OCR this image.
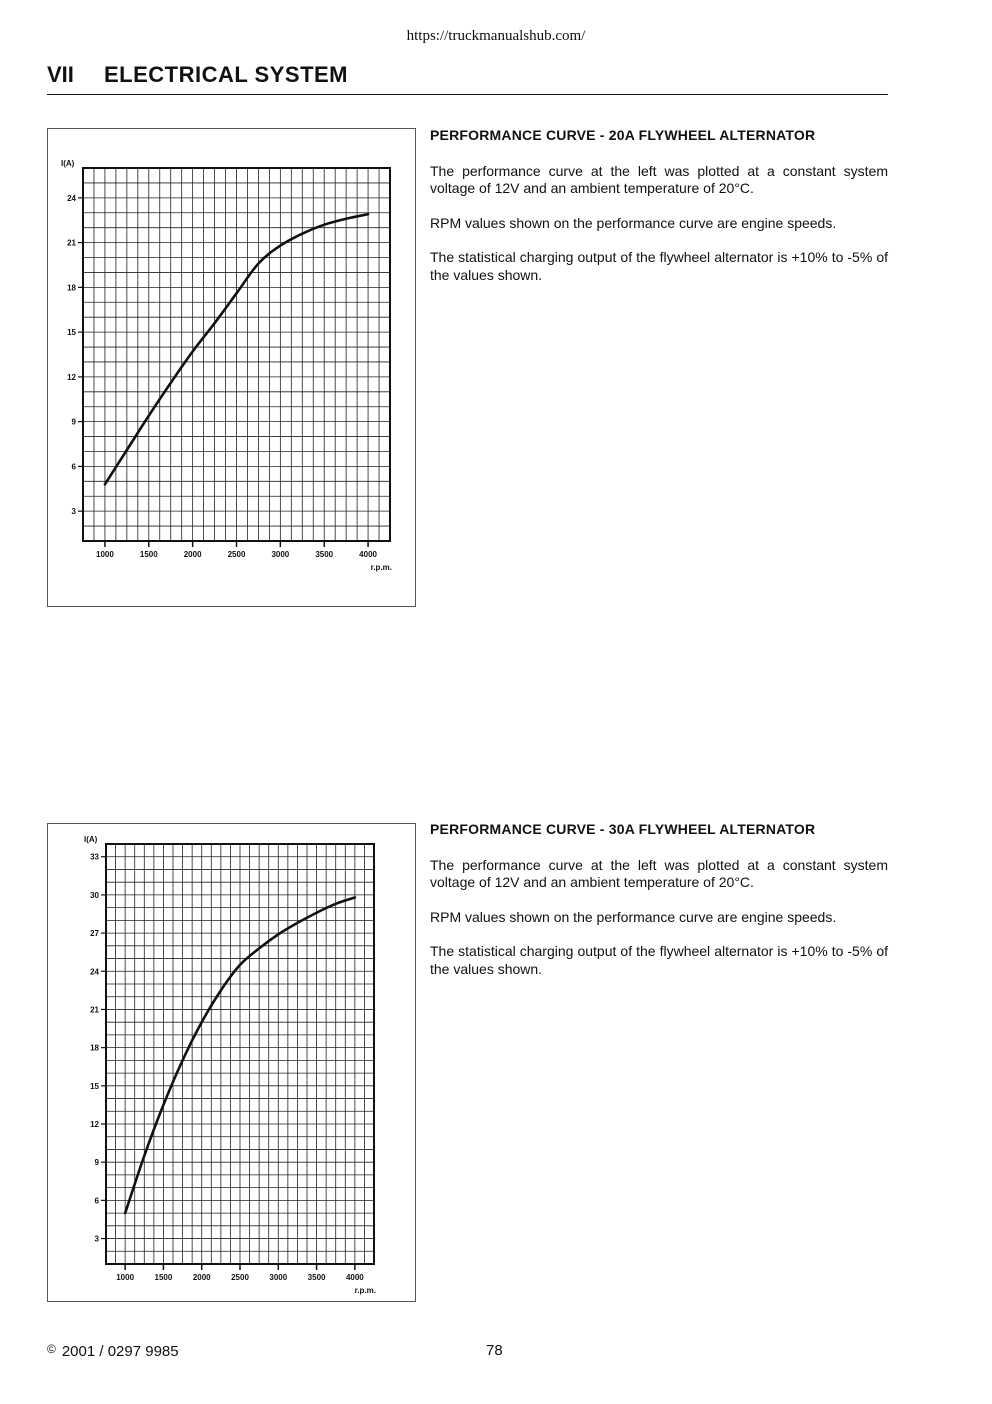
https://truckmanualshub.com/
VII ELECTRICAL SYSTEM
3
6
9
12
15
18
21
24
1000	1500	2000	2500	3000	3500	4000
I(A)
r.p.m.
PERFORMANCE CURVE - 20A FLYWHEEL ALTERNATOR

The performance curve at the left was plotted at a constant system voltage of 12V and an ambient temperature of 20°C.

RPM values shown on the performance curve are engine speeds.

The statistical charging output of the flywheel alternator is +10% to -5% of the values shown.

3
6
9
12
15
18
21
24
27
30
33
1000	1500	2000	2500	3000	3500	4000
I(A)
r.p.m.
PERFORMANCE CURVE - 30A FLYWHEEL ALTERNATOR

The performance curve at the left was plotted at a constant system voltage of 12V and an ambient temperature of 20°C.

RPM values shown on the performance curve are engine speeds.

The statistical charging output of the flywheel alternator is +10% to -5% of the values shown.

© 2001 / 0297 9985	78
